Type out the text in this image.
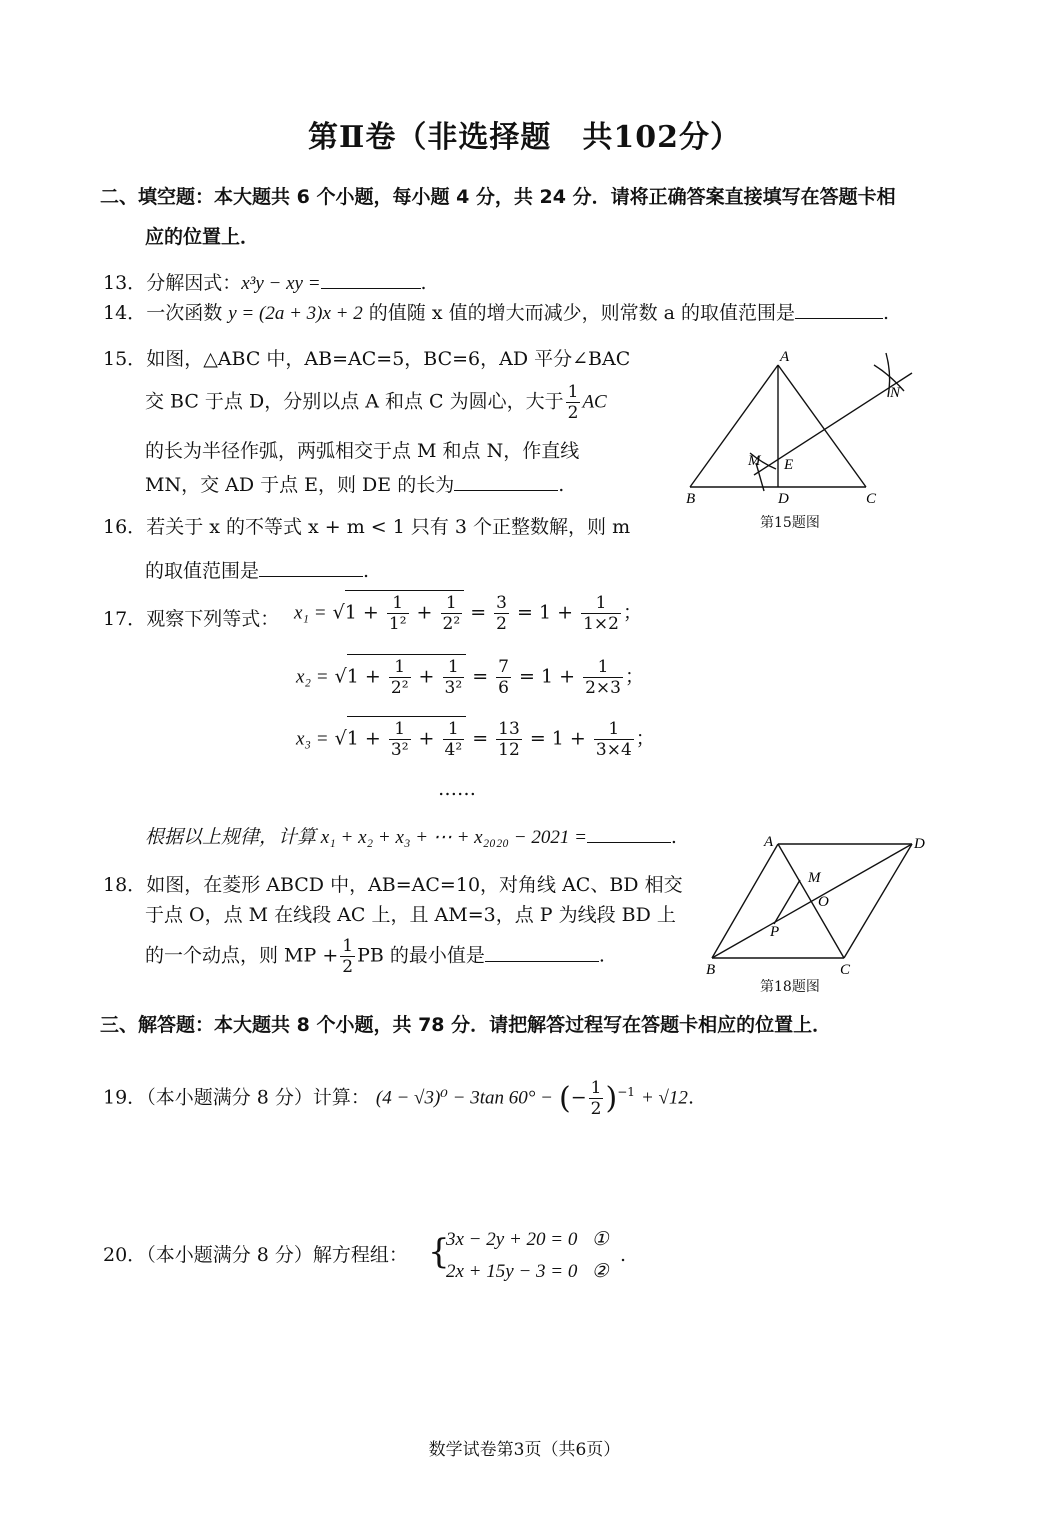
第Ⅱ卷（非选择题　共102分）
二、填空题：本大题共 6 个小题，每小题 4 分，共 24 分．请将正确答案直接填写在答题卡相
应的位置上．
13．分解因式：x³y − xy =	.
14．一次函数 y = (2a + 3)x + 2 的值随 x 值的增大而减少，则常数 a 的取值范围是	.
15．如图，△ABC 中，AB=AC=5，BC=6，AD 平分∠BAC
交 BC 于点 D，分别以点 A 和点 C 为圆心，大于 $\frac{1}{2}$ AC
的长为半径作弧，两弧相交于点 M 和点 N，作直线
MN，交 AD 于点 E，则 DE 的长为	.
A
B	C
D
E
M
N
第15题图
16．若关于 x 的不等式 x + m < 1 只有 3 个正整数解，则 m
的取值范围是	.
17．观察下列等式： $x_1 = √1 + \frac{1}{\text{1²}} + \frac{1}{\text{2²}} = \frac{3}{2} = 1 + \frac{1}{1\times 2}$ ；
$x_2 = √1 + \frac{1}{\text{2²}} + \frac{1}{\text{3²}} = \frac{7}{6} = 1 + \frac{1}{2\times 3}$ ；
$x_3 = √1 + \frac{1}{\text{3²}} + \frac{1}{\text{4²}} = \frac{13}{12} = 1 + \frac{1}{3\times 4}$ ；
……
根据以上规律，计算 x₁ + x₂ + x₃ + ⋯ + x₂₀₂₀ − 2021 =	.
18．如图，在菱形 ABCD 中，AB=AC=10，对角线 AC、BD 相交
于点 O，点 M 在线段 AC 上，且 AM=3，点 P 为线段 BD 上
的一个动点，则 MP + $\frac{1}{2}$ PB 的最小值是	.
A	D
B	C
M
O
P
第18题图
三、解答题：本大题共 8 个小题，共 78 分．请把解答过程写在答题卡相应的位置上．
19．（本小题满分 8 分）计算： (4 − √3)⁰ − 3tan 60° − (− $\frac{1}{2} )^{-1} + √12$.
20．（本小题满分 8 分）解方程组： {
3x − 2y + 20 = 0 ①
2x + 15y − 3 = 0 ②
.
数学试卷第3页（共6页）
